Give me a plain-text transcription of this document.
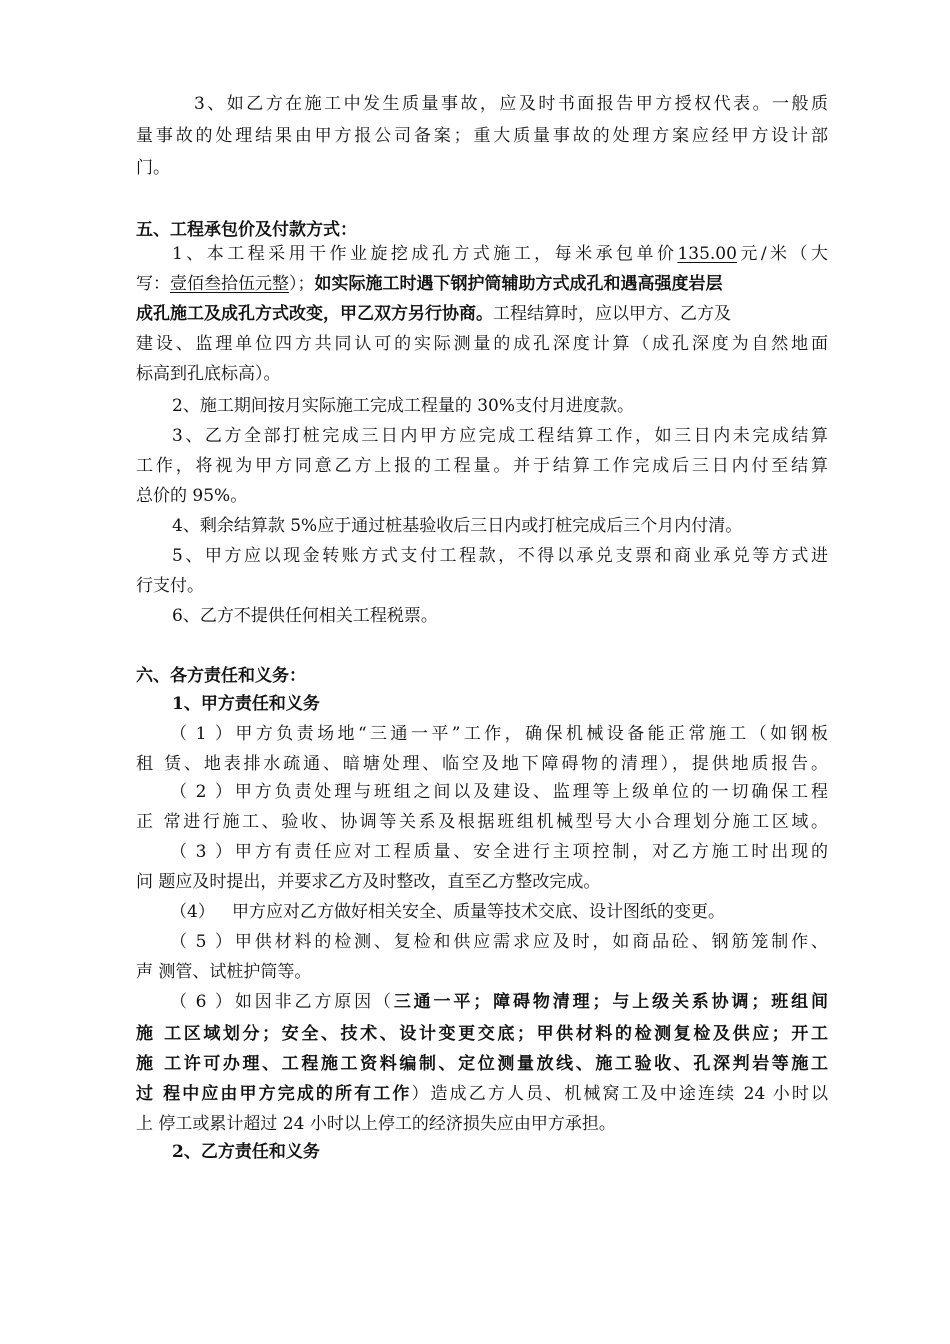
3、如乙方在施工中发生质量事故，应及时书面报告甲方授权代表。一般质
量事故的处理结果由甲方报公司备案；重大质量事故的处理方案应经甲方设计部
门。
五、工程承包价及付款方式：
1、本工程采用干作业旋挖成孔方式施工，每米承包单价135.00元/米（大
写：壹佰叁拾伍元整）；如实际施工时遇下钢护筒辅助方式成孔和遇高强度岩层
成孔施工及成孔方式改变，甲乙双方另行协商。工程结算时，应以甲方、乙方及
建设、监理单位四方共同认可的实际测量的成孔深度计算（成孔深度为自然地面
标高到孔底标高）。
2、施工期间按月实际施工完成工程量的 30%支付月进度款。
3、乙方全部打桩完成三日内甲方应完成工程结算工作，如三日内未完成结算
工作，将视为甲方同意乙方上报的工程量。并于结算工作完成后三日内付至结算
总价的 95%。
4、剩余结算款 5%应于通过桩基验收后三日内或打桩完成后三个月内付清。
5、甲方应以现金转账方式支付工程款，不得以承兑支票和商业承兑等方式进
行支付。
6、乙方不提供任何相关工程税票。
六、各方责任和义务：
1、甲方责任和义务
（1）甲方负责场地“三通一平”工作，确保机械设备能正常施工（如钢板
租 赁、地表排水疏通、暗塘处理、临空及地下障碍物的清理），提供地质报告。
（2）甲方负责处理与班组之间以及建设、监理等上级单位的一切确保工程
正 常进行施工、验收、协调等关系及根据班组机械型号大小合理划分施工区域。
（3）甲方有责任应对工程质量、安全进行主项控制，对乙方施工时出现的
问 题应及时提出，并要求乙方及时整改，直至乙方整改完成。
（4） 甲方应对乙方做好相关安全、质量等技术交底、设计图纸的变更。
（5）甲供材料的检测、复检和供应需求应及时，如商品砼、钢筋笼制作、
声 测管、试桩护筒等。
（6）如因非乙方原因（三通一平；障碍物清理；与上级关系协调；班组间
施 工区域划分；安全、技术、设计变更交底；甲供材料的检测复检及供应；开工
施 工许可办理、工程施工资料编制、定位测量放线、施工验收、孔深判岩等施工
过 程中应由甲方完成的所有工作）造成乙方人员、机械窝工及中途连续 24 小时以
上 停工或累计超过 24 小时以上停工的经济损失应由甲方承担。
2、乙方责任和义务
